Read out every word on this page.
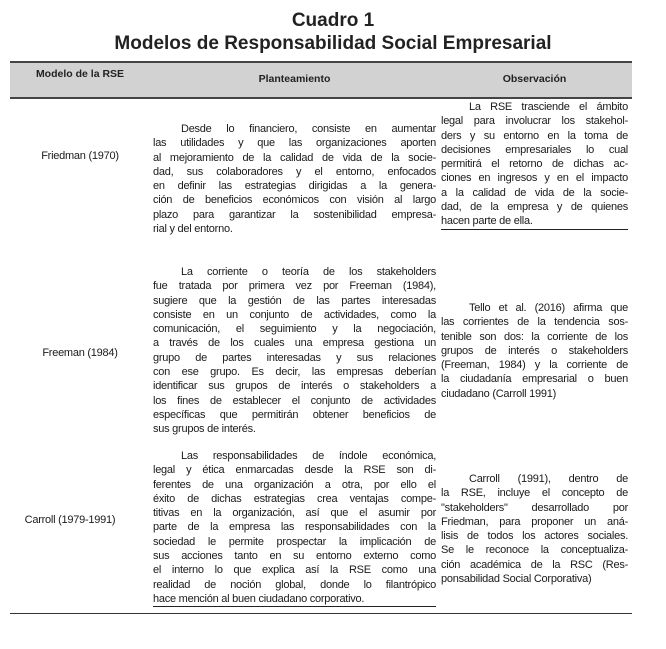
Cuadro 1
Modelos de Responsabilidad Social Empresarial
Modelo de la RSE	Planteamiento	Observación
Friedman (1970)
Desde lo financiero, consiste en aumentar
las utilidades y que las organizaciones aporten
al mejoramiento de la calidad de vida de la socie-
dad, sus colaboradores y el entorno, enfocados
en definir las estrategias dirigidas a la genera-
ción de beneficios económicos con visión al largo
plazo para garantizar la sostenibilidad empresa-
rial y del entorno.
La RSE trasciende el ámbito
legal para involucrar los stakehol-
ders y su entorno en la toma de
decisiones empresariales lo cual
permitirá el retorno de dichas ac-
ciones en ingresos y en el impacto
a la calidad de vida de la socie-
dad, de la empresa y de quienes
hacen parte de ella.
Freeman (1984)
La corriente o teoría de los stakeholders
fue tratada por primera vez por Freeman (1984),
sugiere que la gestión de las partes interesadas
consiste en un conjunto de actividades, como la
comunicación, el seguimiento y la negociación,
a través de los cuales una empresa gestiona un
grupo de partes interesadas y sus relaciones
con ese grupo. Es decir, las empresas deberían
identificar sus grupos de interés o stakeholders a
los fines de establecer el conjunto de actividades
específicas que permitirán obtener beneficios de
sus grupos de interés.
Tello et al. (2016) afirma que
las corrientes de la tendencia sos-
tenible son dos: la corriente de los
grupos de interés o stakeholders
(Freeman, 1984) y la corriente de
la ciudadanía empresarial o buen
ciudadano (Carroll 1991)
Carroll (1979-1991)
Las responsabilidades de índole económica,
legal y ética enmarcadas desde la RSE son di-
ferentes de una organización a otra, por ello el
éxito de dichas estrategias crea ventajas compe-
titivas en la organización, así que el asumir por
parte de la empresa las responsabilidades con la
sociedad le permite prospectar la implicación de
sus acciones tanto en su entorno externo como
el interno lo que explica así la RSE como una
realidad de noción global, donde lo filantrópico
hace mención al buen ciudadano corporativo.
Carroll (1991), dentro de
la RSE, incluye el concepto de
"stakeholders" desarrollado por
Friedman, para proponer un aná-
lisis de todos los actores sociales.
Se le reconoce la conceptualiza-
ción académica de la RSC (Res-
ponsabilidad Social Corporativa)
